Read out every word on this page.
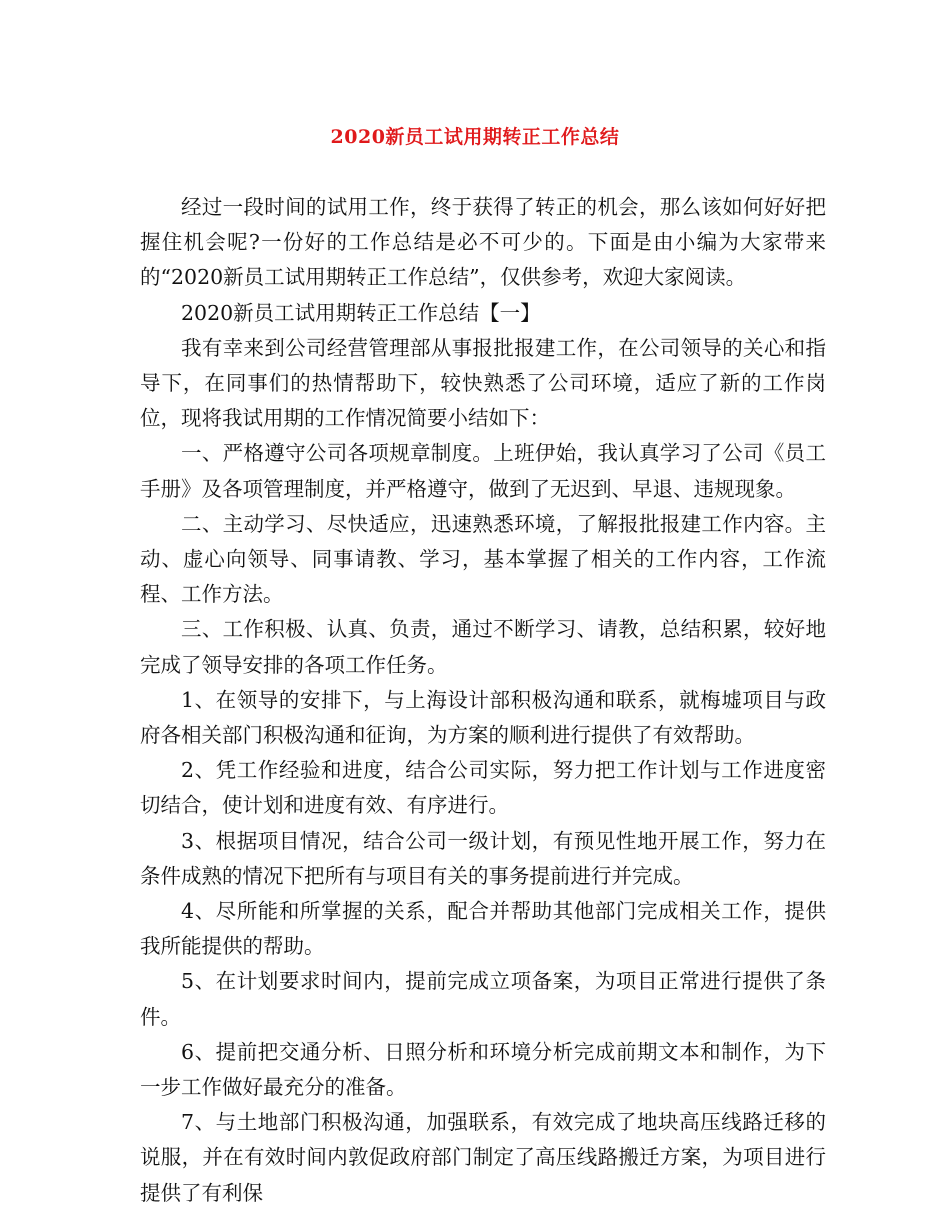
2020新员工试用期转正工作总结

经过一段时间的试用工作，终于获得了转正的机会，那么该如何好好把握住机会呢?一份好的工作总结是必不可少的。下面是由小编为大家带来的“2020新员工试用期转正工作总结”，仅供参考，欢迎大家阅读。

2020新员工试用期转正工作总结【一】

我有幸来到公司经营管理部从事报批报建工作，在公司领导的关心和指导下，在同事们的热情帮助下，较快熟悉了公司环境，适应了新的工作岗位，现将我试用期的工作情况简要小结如下：

一、严格遵守公司各项规章制度。上班伊始，我认真学习了公司《员工手册》及各项管理制度，并严格遵守，做到了无迟到、早退、违规现象。

二、主动学习、尽快适应，迅速熟悉环境，了解报批报建工作内容。主动、虚心向领导、同事请教、学习，基本掌握了相关的工作内容，工作流程、工作方法。

三、工作积极、认真、负责，通过不断学习、请教，总结积累，较好地完成了领导安排的各项工作任务。

1、在领导的安排下，与上海设计部积极沟通和联系，就梅墟项目与政府各相关部门积极沟通和征询，为方案的顺利进行提供了有效帮助。

2、凭工作经验和进度，结合公司实际，努力把工作计划与工作进度密切结合，使计划和进度有效、有序进行。

3、根据项目情况，结合公司一级计划，有预见性地开展工作，努力在条件成熟的情况下把所有与项目有关的事务提前进行并完成。

4、尽所能和所掌握的关系，配合并帮助其他部门完成相关工作，提供我所能提供的帮助。

5、在计划要求时间内，提前完成立项备案，为项目正常进行提供了条件。

6、提前把交通分析、日照分析和环境分析完成前期文本和制作，为下一步工作做好最充分的准备。

7、与土地部门积极沟通，加强联系，有效完成了地块高压线路迁移的说服，并在有效时间内敦促政府部门制定了高压线路搬迁方案，为项目进行提供了有利保
